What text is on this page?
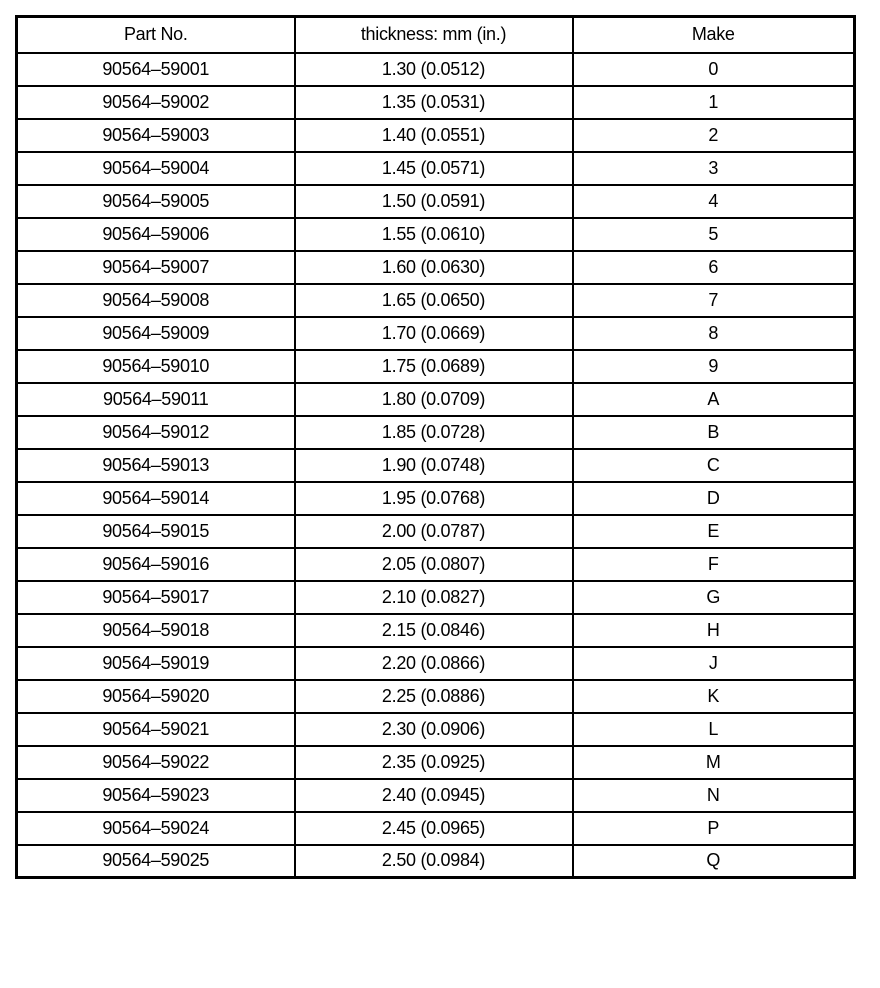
Part No.	thickness: mm (in.)	Make
90564–59001	1.30 (0.0512)	0
90564–59002	1.35 (0.0531)	1
90564–59003	1.40 (0.0551)	2
90564–59004	1.45 (0.0571)	3
90564–59005	1.50 (0.0591)	4
90564–59006	1.55 (0.0610)	5
90564–59007	1.60 (0.0630)	6
90564–59008	1.65 (0.0650)	7
90564–59009	1.70 (0.0669)	8
90564–59010	1.75 (0.0689)	9
90564–59011	1.80 (0.0709)	A
90564–59012	1.85 (0.0728)	B
90564–59013	1.90 (0.0748)	C
90564–59014	1.95 (0.0768)	D
90564–59015	2.00 (0.0787)	E
90564–59016	2.05 (0.0807)	F
90564–59017	2.10 (0.0827)	G
90564–59018	2.15 (0.0846)	H
90564–59019	2.20 (0.0866)	J
90564–59020	2.25 (0.0886)	K
90564–59021	2.30 (0.0906)	L
90564–59022	2.35 (0.0925)	M
90564–59023	2.40 (0.0945)	N
90564–59024	2.45 (0.0965)	P
90564–59025	2.50 (0.0984)	Q
